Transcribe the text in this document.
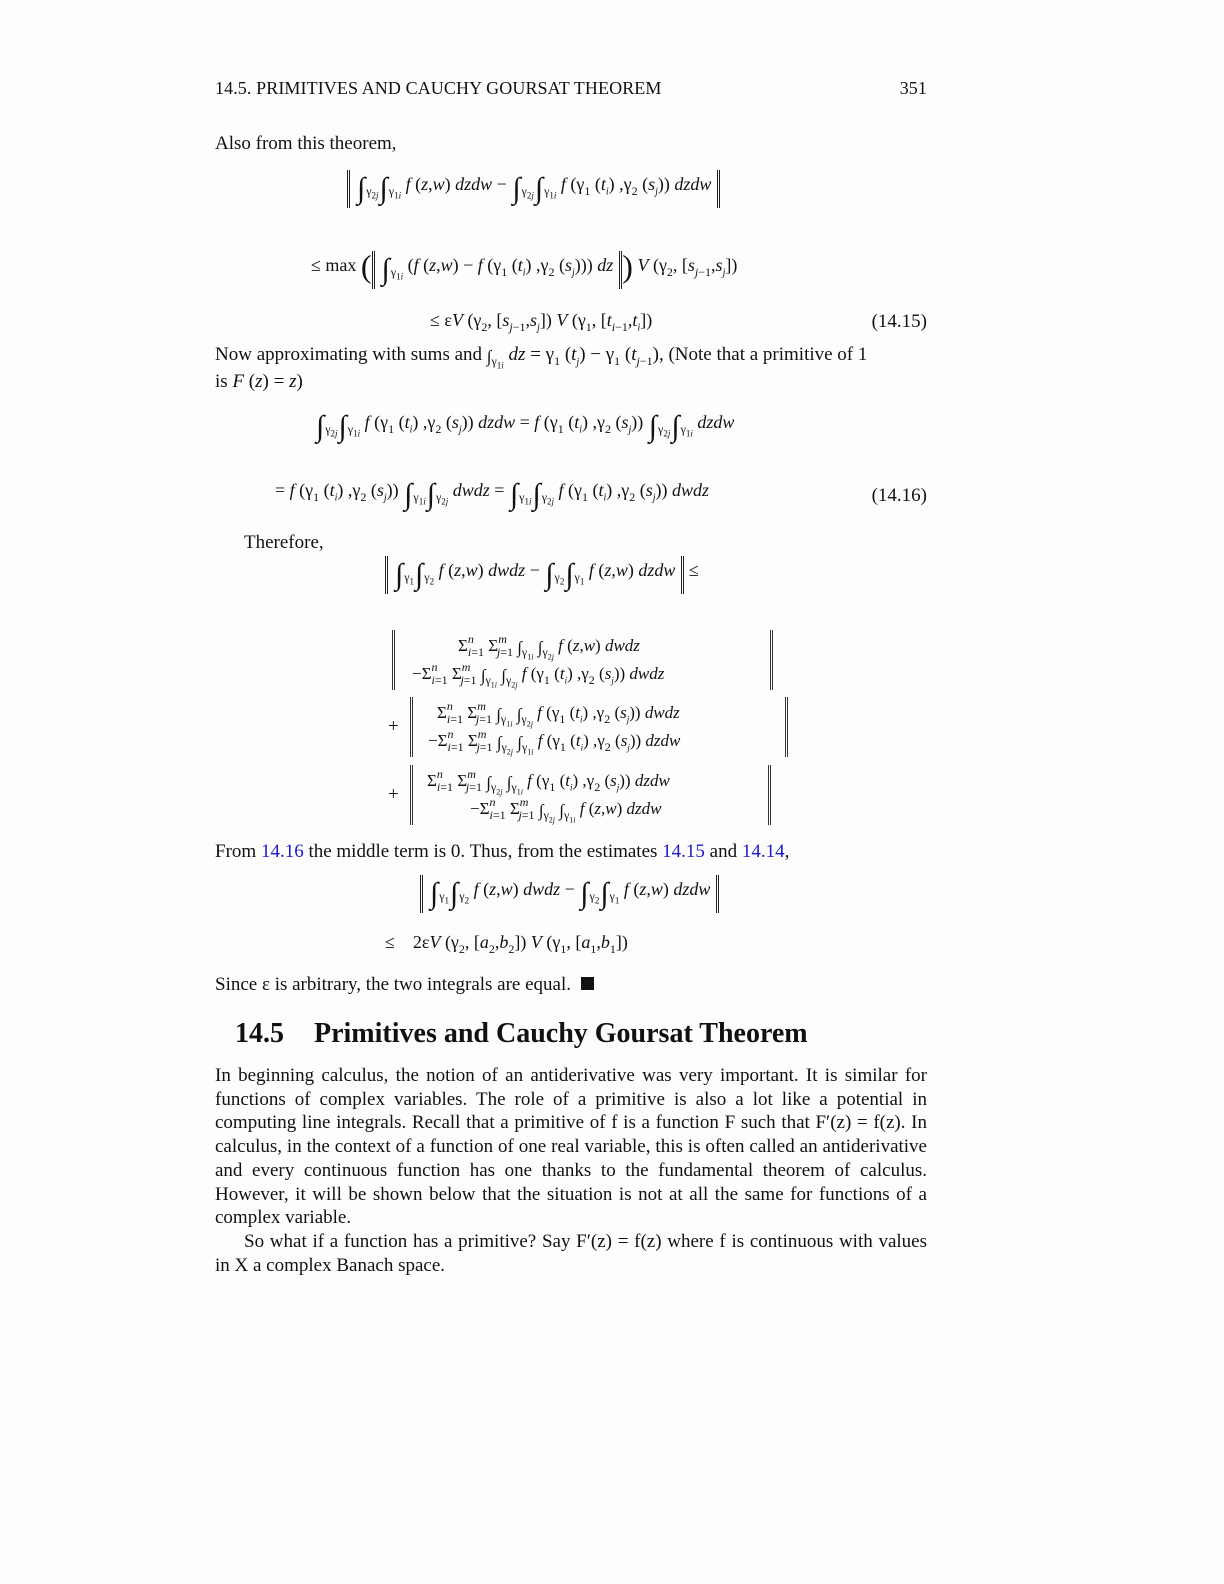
14.5. PRIMITIVES AND CAUCHY GOURSAT THEOREM	351
Also from this theorem,
$\int_{\gamma_{2j}}\int_{\gamma_{1i}}$ f (z,w) dzdw − $\int_{\gamma_{2j}}\int_{\gamma_{1i}}$ f ($\gamma_1$ $(t_i)$ $,\gamma_2$ $(s_j)$) dzdw
≤ max ( $\int_{\gamma_{1i}}$ (f (z,w) − f ($\gamma_1$ $(t_i)$ $,\gamma_2$ $(s_j)$)) dz ) V ($\gamma_2$, $[s_{j-1},s_j]$)
≤ εV ($\gamma_2$, $[s_{j-1},s_j]$) V ($\gamma_1$, $[t_{i-1},t_i]$)	(14.15)
Now approximating with sums and $\int_{\gamma_{1i}}$ dz = $\gamma_1$ $(t_j) - \gamma_1$ $(t_{j-1})$, (Note that a primitive of 1
is F (z) = z)
$\int_{\gamma_{2j}}\int_{\gamma_{1i}}$ f ($\gamma_1$ $(t_i)$ $,\gamma_2$ $(s_j)$) dzdw = f ($\gamma_1$ $(t_i)$ $,\gamma_2$ $(s_j)$) $\int_{\gamma_{2j}}\int_{\gamma_{1i}}$ dzdw
= f ($\gamma_1$ $(t_i)$ $,\gamma_2$ $(s_j)$) $\int_{\gamma_{1i}}\int_{\gamma_{2j}}$ dwdz = $\int_{\gamma_{1i}}\int_{\gamma_{2j}}$ f ($\gamma_1$ $(t_i)$ $,\gamma_2$ $(s_j)$) dwdz	(14.16)
Therefore,
$\int_{\gamma_1}\int_{\gamma_2}$ f (z,w) dwdz − $\int_{\gamma_2}\int_{\gamma_1}$ f (z,w) dzdw ≤
$\Sigma^n_{i=1}$ $\Sigma^m_{j=1}$ $\int_{\gamma_{1i}}$ $\int_{\gamma_{2j}}$ f (z,w) dwdz
$-\Sigma^n_{i=1}$ $\Sigma^m_{j=1}$ $\int_{\gamma_{1i}}$ $\int_{\gamma_{2j}}$ f ($\gamma_1$ $(t_i)$ $,\gamma_2$ $(s_j)$) dwdz
+
$\Sigma^n_{i=1}$ $\Sigma^m_{j=1}$ $\int_{\gamma_{1i}}$ $\int_{\gamma_{2j}}$ f ($\gamma_1$ $(t_i)$ $,\gamma_2$ $(s_j)$) dwdz
$-\Sigma^n_{i=1}$ $\Sigma^m_{j=1}$ $\int_{\gamma_{2j}}$ $\int_{\gamma_{1i}}$ f ($\gamma_1$ $(t_i)$ $,\gamma_2$ $(s_j)$) dzdw
+
$\Sigma^n_{i=1}$ $\Sigma^m_{j=1}$ $\int_{\gamma_{2j}}$ $\int_{\gamma_{1i}}$ f ($\gamma_1$ $(t_i)$ $,\gamma_2$ $(s_j)$) dzdw
$-\Sigma^n_{i=1}$ $\Sigma^m_{j=1}$ $\int_{\gamma_{2j}}$ $\int_{\gamma_{1i}}$ f (z,w) dzdw
From 14.16 the middle term is 0. Thus, from the estimates 14.15 and 14.14,
$\int_{\gamma_1}\int_{\gamma_2}$ f (z,w) dwdz − $\int_{\gamma_2}\int_{\gamma_1}$ f (z,w) dzdw
≤    2εV ($\gamma_2$, $[a_2,b_2]$) V ($\gamma_1$, $[a_1,b_1]$)
Since ε is arbitrary, the two integrals are equal.
14.5 Primitives and Cauchy Goursat Theorem
In beginning calculus, the notion of an antiderivative was very important. It is similar for functions of complex variables. The role of a primitive is also a lot like a potential in computing line integrals. Recall that a primitive of f is a function F such that F′(z) = f(z). In calculus, in the context of a function of one real variable, this is often called an antiderivative and every continuous function has one thanks to the fundamental theorem of calculus. However, it will be shown below that the situation is not at all the same for functions of a complex variable.
So what if a function has a primitive? Say F′(z) = f(z) where f is continuous with values in X a complex Banach space.
